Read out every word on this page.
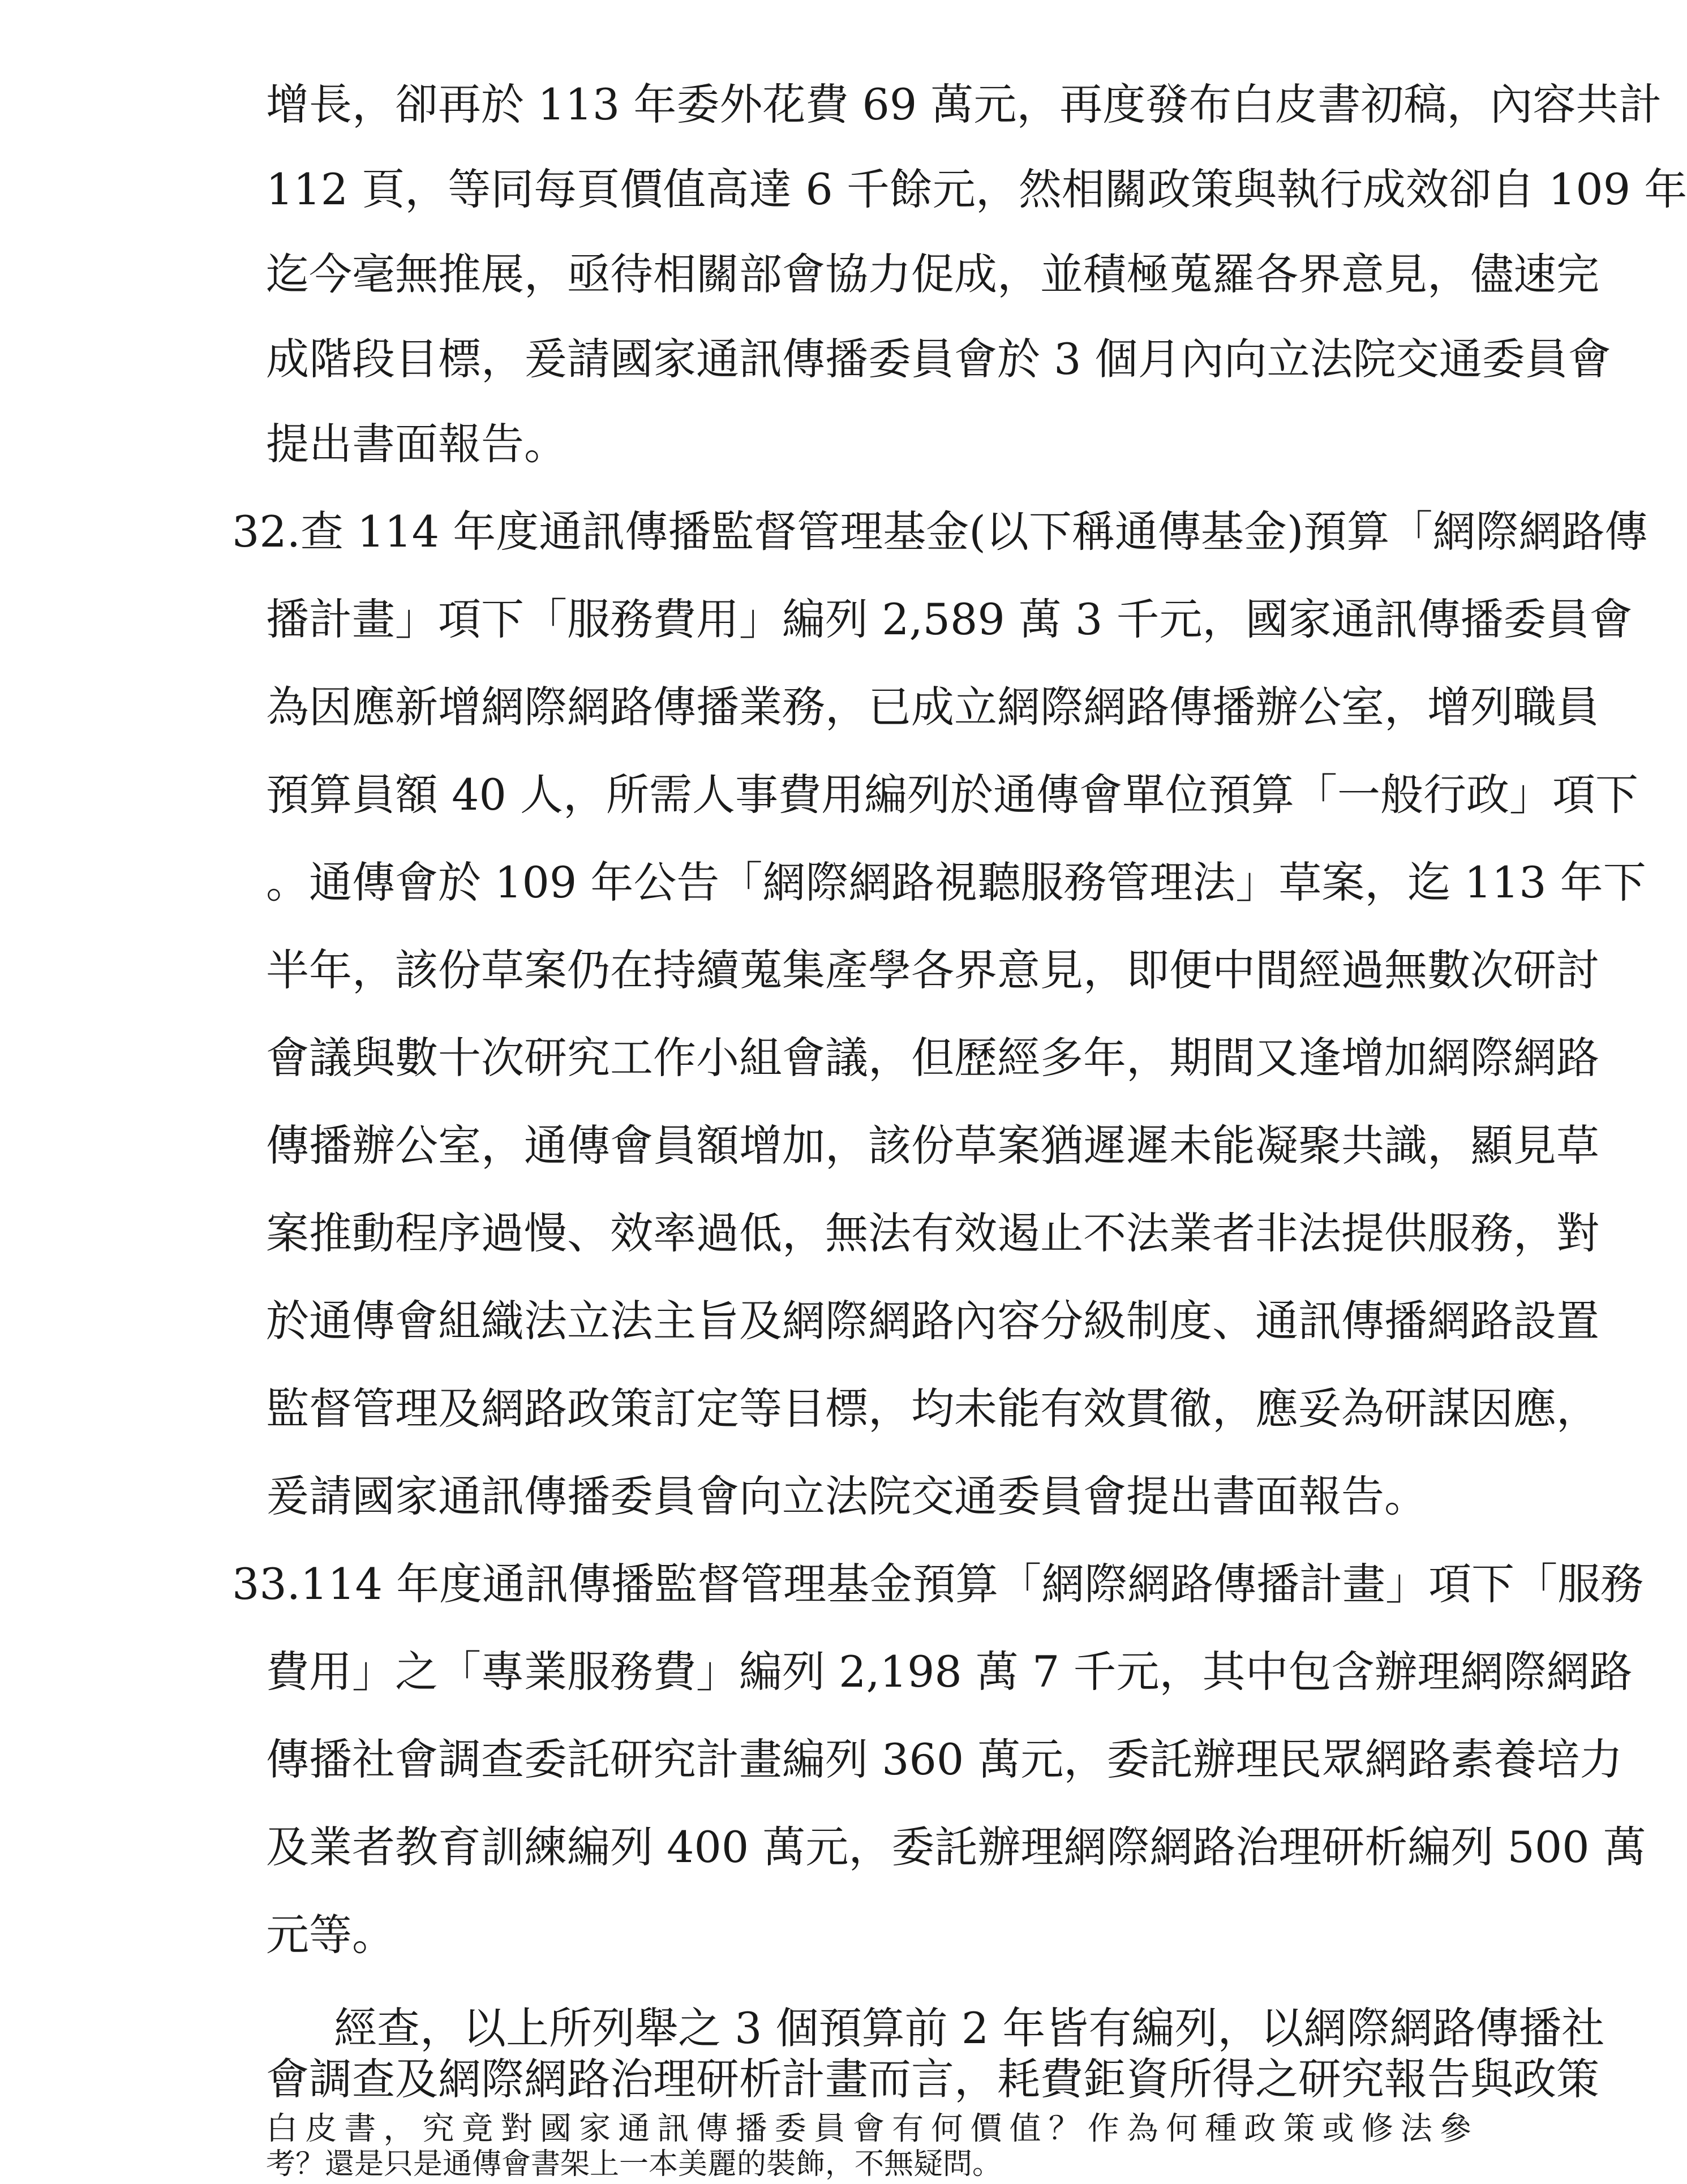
增長，卻再於 113 年委外花費 69 萬元，再度發布白皮書初稿，內容共計
112 頁，等同每頁價值高達 6 千餘元，然相關政策與執行成效卻自 109 年
迄今毫無推展，亟待相關部會協力促成，並積極蒐羅各界意見，儘速完
成階段目標，爰請國家通訊傳播委員會於 3 個月內向立法院交通委員會
提出書面報告。
32.查 114 年度通訊傳播監督管理基金(以下稱通傳基金)預算「網際網路傳
播計畫」項下「服務費用」編列 2,589 萬 3 千元，國家通訊傳播委員會
為因應新增網際網路傳播業務，已成立網際網路傳播辦公室，增列職員
預算員額 40 人，所需人事費用編列於通傳會單位預算「一般行政」項下
。通傳會於 109 年公告「網際網路視聽服務管理法」草案，迄 113 年下
半年，該份草案仍在持續蒐集產學各界意見，即便中間經過無數次研討
會議與數十次研究工作小組會議，但歷經多年，期間又逢增加網際網路
傳播辦公室，通傳會員額增加，該份草案猶遲遲未能凝聚共識，顯見草
案推動程序過慢、效率過低，無法有效遏止不法業者非法提供服務，對
於通傳會組織法立法主旨及網際網路內容分級制度、通訊傳播網路設置
監督管理及網路政策訂定等目標，均未能有效貫徹，應妥為研謀因應，
爰請國家通訊傳播委員會向立法院交通委員會提出書面報告。
33.114 年度通訊傳播監督管理基金預算「網際網路傳播計畫」項下「服務
費用」之「專業服務費」編列 2,198 萬 7 千元，其中包含辦理網際網路
傳播社會調查委託研究計畫編列 360 萬元，委託辦理民眾網路素養培力
及業者教育訓練編列 400 萬元，委託辦理網際網路治理研析編列 500 萬
元等。
經查，以上所列舉之 3 個預算前 2 年皆有編列，以網際網路傳播社
會調查及網際網路治理研析計畫而言，耗費鉅資所得之研究報告與政策
白皮書，究竟對國家通訊傳播委員會有何價值？作為何種政策或修法參
考？還是只是通傳會書架上一本美麗的裝飾，不無疑問。
